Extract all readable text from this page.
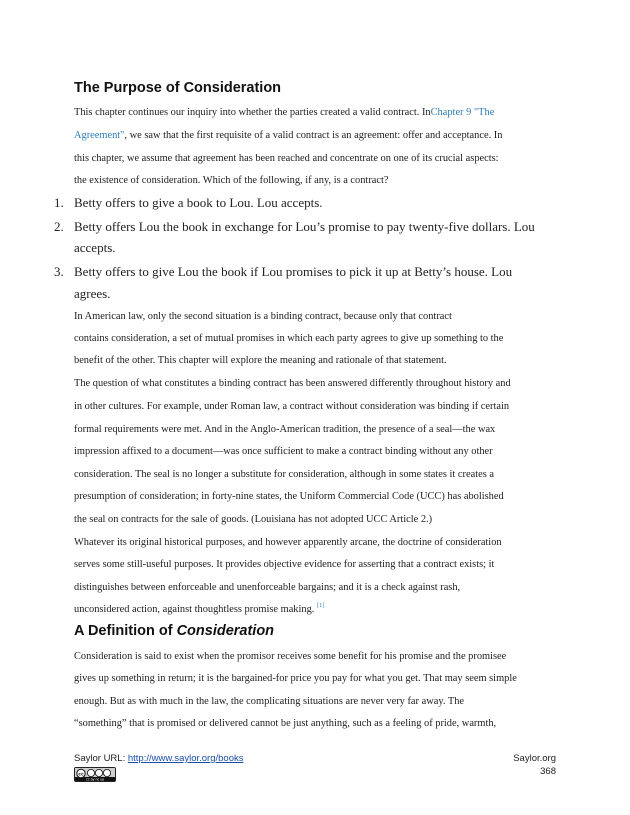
The Purpose of Consideration
This chapter continues our inquiry into whether the parties created a valid contract. InChapter 9 "The
Agreement", we saw that the first requisite of a valid contract is an agreement: offer and acceptance. In
this chapter, we assume that agreement has been reached and concentrate on one of its crucial aspects:
the existence of consideration. Which of the following, if any, is a contract?
1. Betty offers to give a book to Lou. Lou accepts.
2. Betty offers Lou the book in exchange for Lou’s promise to pay twenty-five dollars. Lou
accepts.
3. Betty offers to give Lou the book if Lou promises to pick it up at Betty’s house. Lou
agrees.
In American law, only the second situation is a binding contract, because only that contract
contains consideration, a set of mutual promises in which each party agrees to give up something to the
benefit of the other. This chapter will explore the meaning and rationale of that statement.
The question of what constitutes a binding contract has been answered differently throughout history and
in other cultures. For example, under Roman law, a contract without consideration was binding if certain
formal requirements were met. And in the Anglo-American tradition, the presence of a seal—the wax
impression affixed to a document—was once sufficient to make a contract binding without any other
consideration. The seal is no longer a substitute for consideration, although in some states it creates a
presumption of consideration; in forty-nine states, the Uniform Commercial Code (UCC) has abolished
the seal on contracts for the sale of goods. (Louisiana has not adopted UCC Article 2.)
Whatever its original historical purposes, and however apparently arcane, the doctrine of consideration
serves some still-useful purposes. It provides objective evidence for asserting that a contract exists; it
distinguishes between enforceable and unenforceable bargains; and it is a check against rash,
unconsidered action, against thoughtless promise making. [1]
A Definition of Consideration
Consideration is said to exist when the promisor receives some benefit for his promise and the promisee
gives up something in return; it is the bargained-for price you pay for what you get. That may seem simple
enough. But as with much in the law, the complicating situations are never very far away. The
“something” that is promised or delivered cannot be just anything, such as a feeling of pride, warmth,
Saylor URL: http://www.saylor.org/books
cc
cc by nc sa
Saylor.org
368
